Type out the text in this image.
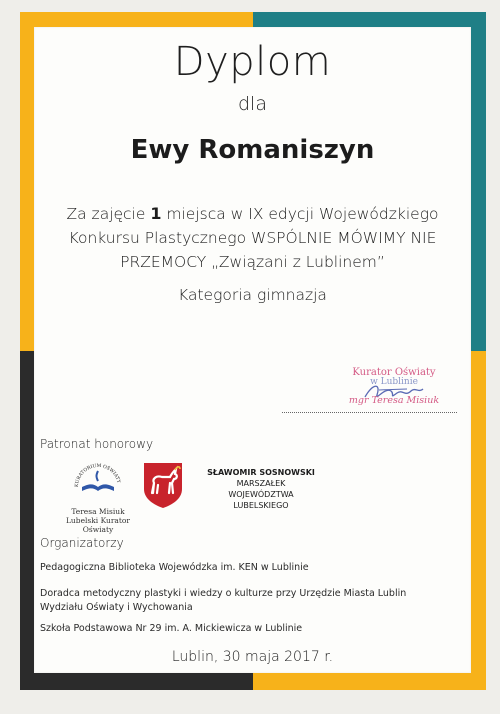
Dyplom
dla
Ewy Romaniszyn
Za zajęcie 1 miejsca w IX edycji Wojewódzkiego
Konkursu Plastycznego WSPÓLNIE MÓWIMY NIE
PRZEMOCY „Związani z Lublinem”
Kategoria gimnazja
Kurator Oświaty
w Lublinie
mgr Teresa Misiuk
Patronat honorowy
KURATORIUM OŚWIATY
Teresa Misiuk
Lubelski Kurator Oświaty
SŁAWOMIR SOSNOWSKI
MARSZAŁEK
WOJEWÓDZTWA LUBELSKIEGO
Organizatorzy
Pedagogiczna Biblioteka Wojewódzka im. KEN w Lublinie
Doradca metodyczny plastyki i wiedzy o kulturze przy Urzędzie Miasta Lublin
Wydziału Oświaty i Wychowania
Szkoła Podstawowa Nr 29 im. A. Mickiewicza w Lublinie
Lublin, 30 maja 2017 r.
